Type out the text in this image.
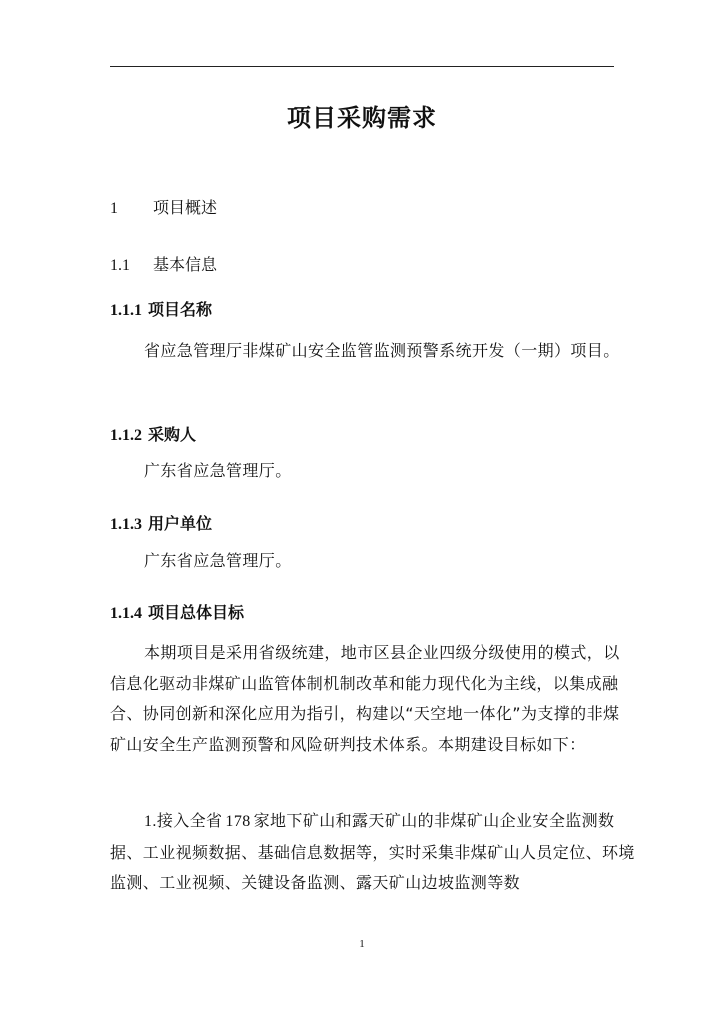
项目采购需求
1 项目概述
1.1 基本信息
1.1.1 项目名称
省应急管理厅非煤矿山安全监管监测预警系统开发（一期）项目。
1.1.2 采购人
广东省应急管理厅。
1.1.3 用户单位
广东省应急管理厅。
1.1.4 项目总体目标
本期项目是采用省级统建，地市区县企业四级分级使用的模式，以信息化驱动非煤矿山监管体制机制改革和能力现代化为主线，以集成融合、协同创新和深化应用为指引，构建以“天空地一体化”为支撑的非煤矿山安全生产监测预警和风险研判技术体系。本期建设目标如下：
1.接入全省 178 家地下矿山和露天矿山的非煤矿山企业安全监测数据、工业视频数据、基础信息数据等，实时采集非煤矿山人员定位、环境监测、工业视频、关键设备监测、露天矿山边坡监测等数
1
